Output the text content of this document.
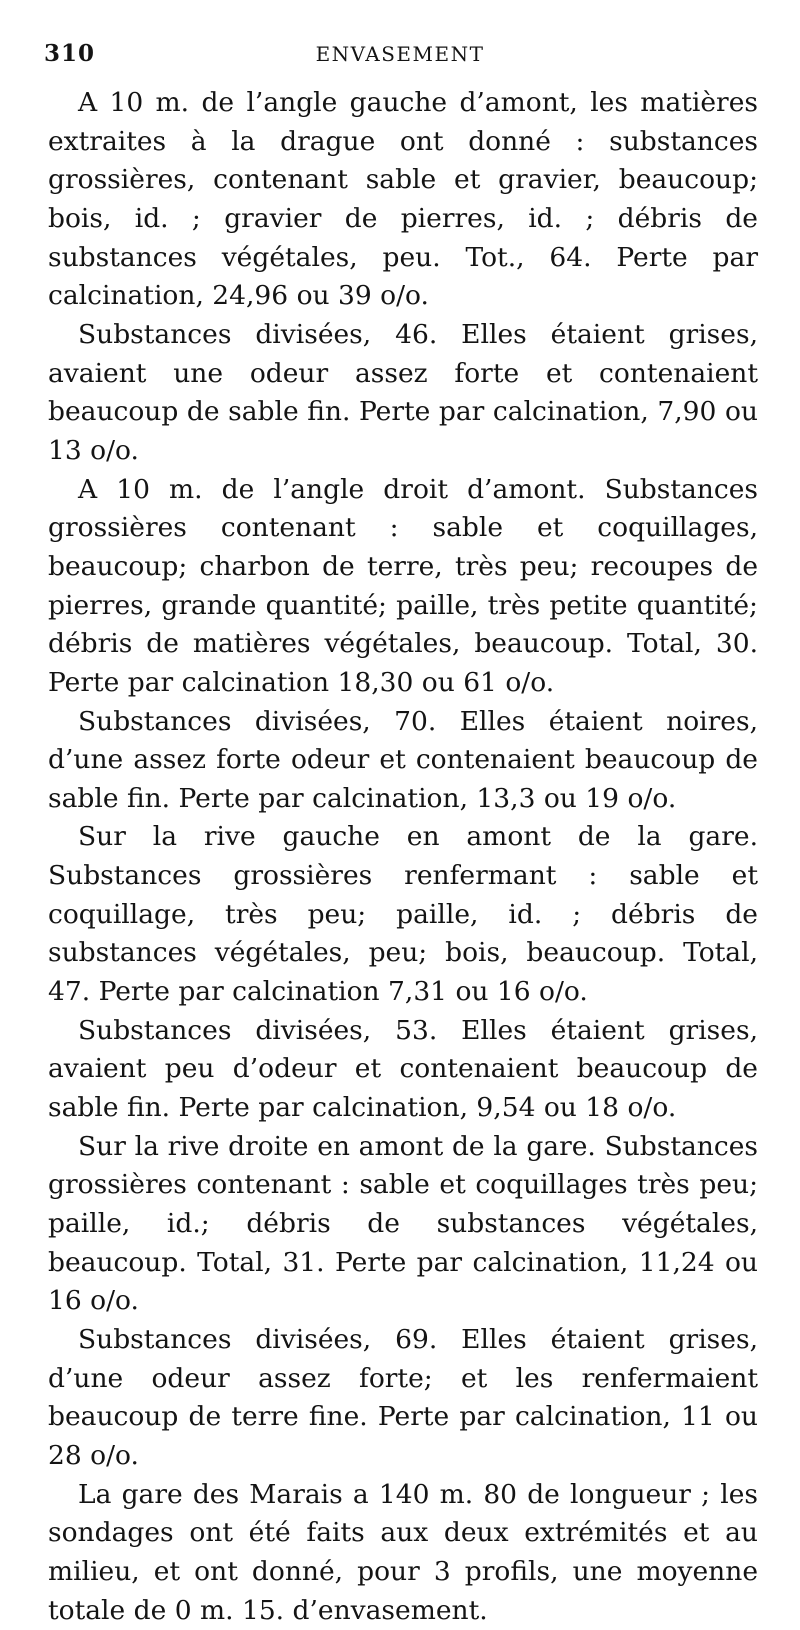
310	ENVASEMENT

A 10 m. de l’angle gauche d’amont, les matières extraites à la drague ont donné : substances grossières, contenant sable et gravier, beaucoup; bois, id. ; gravier de pierres, id. ; débris de substances végétales, peu. Tot., 64. Perte par calcination, 24,96 ou 39 o/o.

Substances divisées, 46. Elles étaient grises, avaient une odeur assez forte et contenaient beaucoup de sable fin. Perte par calcination, 7,90 ou 13 o/o.

A 10 m. de l’angle droit d’amont. Substances grossières contenant : sable et coquillages, beaucoup; charbon de terre, très peu; recoupes de pierres, grande quantité; paille, très petite quantité; débris de matières végétales, beaucoup. Total, 30. Perte par calcination 18,30 ou 61 o/o.

Substances divisées, 70. Elles étaient noires, d’une assez forte odeur et contenaient beaucoup de sable fin. Perte par calcination, 13,3 ou 19 o/o.

Sur la rive gauche en amont de la gare. Substances grossières renfermant : sable et coquillage, très peu; paille, id. ; débris de substances végétales, peu; bois, beaucoup. Total, 47. Perte par calcination 7,31 ou 16 o/o.

Substances divisées, 53. Elles étaient grises, avaient peu d’odeur et contenaient beaucoup de sable fin. Perte par calcination, 9,54 ou 18 o/o.

Sur la rive droite en amont de la gare. Substances grossières contenant : sable et coquillages très peu; paille, id.; débris de substances végétales, beaucoup. Total, 31. Perte par calcination, 11,24 ou 16 o/o.

Substances divisées, 69. Elles étaient grises, d’une odeur assez forte; et les renfermaient beaucoup de terre fine. Perte par calcination, 11 ou 28 o/o.

La gare des Marais a 140 m. 80 de longueur ; les sondages ont été faits aux deux extrémités et au milieu, et ont donné, pour 3 profils, une moyenne totale de 0 m. 15. d’envasement.
